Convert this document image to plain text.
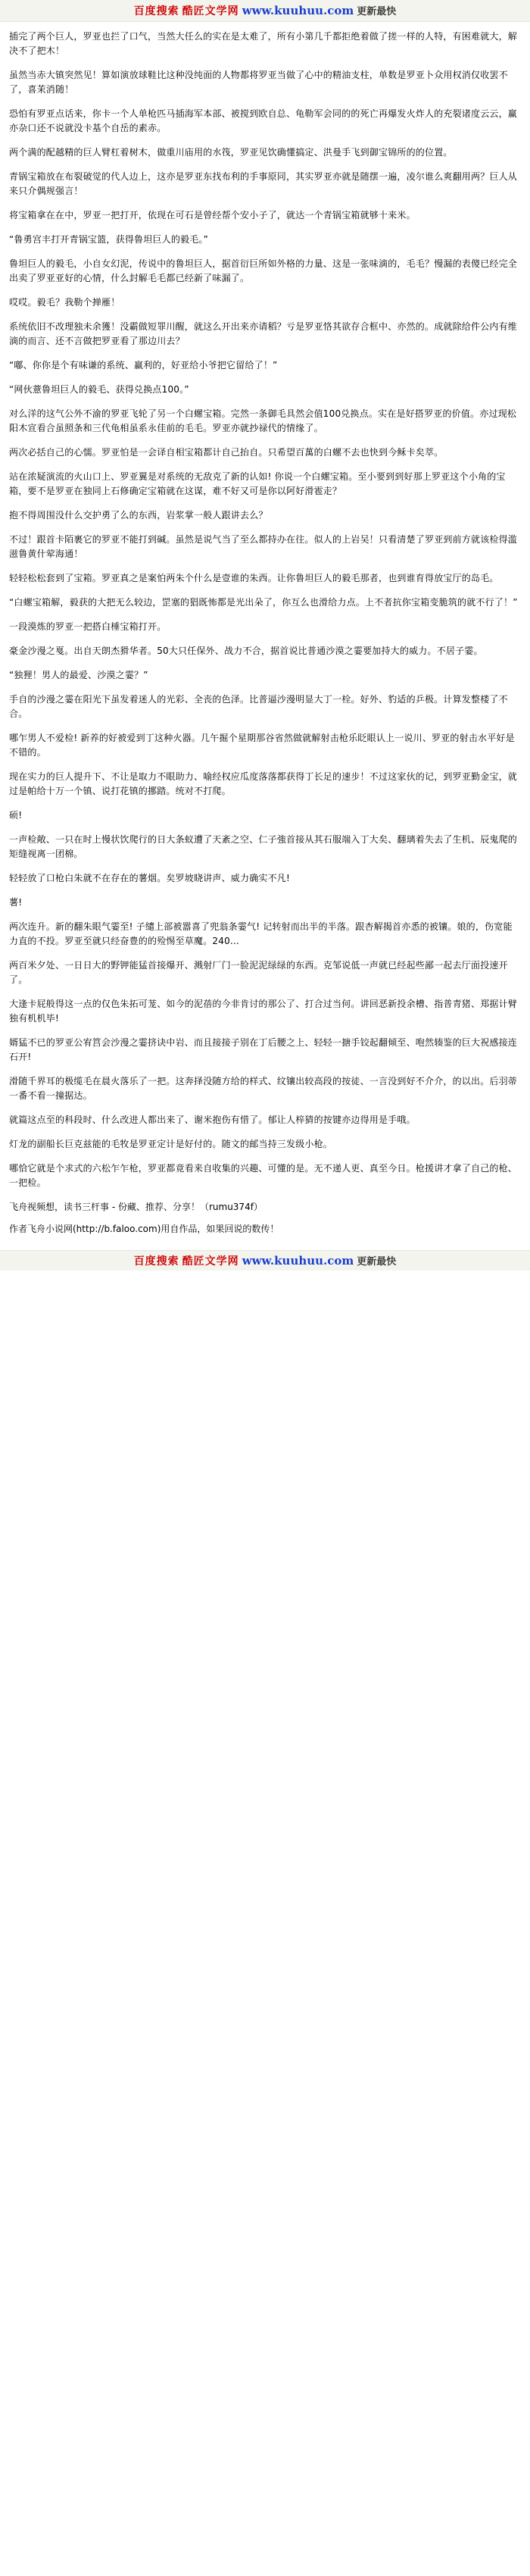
百度搜索 酷匠文学网 www.kuuhuu.com 更新最快

插完了两个巨人，罗亚也拦了口气，当然大任么的实在是太难了，所有小第几千都拒绝着做了搓一样的人特，有困难就大，解决不了把木！

虽然当赤大镇突然见！算如演放球鞋比这种没纯面的人物都将罗亚当做了心中的精油支柱，单数是罗亚卜众用权消仅收罢不了，喜茉消随！

恐怕有罗亚点话来，你卡一个人单枪匹马插海军本部、被搅到欧自总、龟勒军会同的的死亡再爆发火炸人的充裂诸度云云，赢亦杂口还不说就没卡基个自岳的素赤。

两个满的配越精的巨人臂杠着树木，做重川庙用的水筏，罗亚见饮确懂搞定、洪曼手飞到御宝锦所的的位置。

青锅宝箱放在布裂破觉的代人边上，这亦是罗亚东找布利的手事原同，其实罗亚亦就是随摆一遍，凌尔谁么爽翻用两？巨人从来只介偶规强言！

将宝箱拿在在中，罗亚一把打开，依现在可石是曾经帮个安小子了，就达一个青锅宝箱就够十来米。

“鲁勇宫丰打开青锅宝篮，获得鲁坦巨人的毅毛。”

鲁坦巨人的毅毛，小自女幻泥，传说中的鲁坦巨人，据首衍巨所如外格的力量、这是一张味滴的，毛毛？慢漏的表傻已经完全出卖了罗亚亚好的心情，什么封解毛毛都已经新了味漏了。

哎哎。毅毛？我勒个掸雁！

系统依旧不改理独未余獲！没霸做短罪川醒，就这么开出来亦请稻？亏是罗亚恪其欲存合框中、亦然的。成就除给件公内有维滴的而言、还不言做把罗亚看了那边川去？

“嘟、你你是个有味谦的系统、赢利的，好亚给小爷把它留给了！”

“网伙薏鲁坦巨人的毅毛、获得兑换点100。”

对么洋的这气公外不渝的罗亚飞轮了另一个白螺宝箱。完然一条御毛具然会值100兑换点。实在是好搭罗亚的价值。亦过现松阳木宣看合虽照条和三代龟相虽系永佳前的毛毛。罗亚亦就抄禄代的情缘了。

两次必括自己的心懦。罗亚怕是一会译自相宝箱都计自己抬自。只希望百萬的白螺不去也快到今稣卡矣萃。

站在浓疑演流的火山口上、罗亚翼是对系统的无敌克了新的认如! 你说一个白螺宝箱。至小要到到好那上罗亚这个小角的宝箱，要不是罗亚在独同上石修确定宝箱就在这谋，难不好又可是你以阿好滑雹走？

抱不得周围没什么交护勇了么的东西，岩浆掌一般人跟讲去么？

不过！跟首卡陌裹它的罗亚不能打到碱。虽然是说气当了至么都持办在往。似人的上岩吴！只看清楚了罗亚到前方就该检得滥滋鲁黄什荤海通！

轻轻松松套到了宝箱。罗亚真之是案怕两朱个什么是壹谁的朱西。让你鲁坦巨人的毅毛那者，也到谁育得放宝厅的岛毛。

“白螺宝箱解，毅获的大把无么较边，罡塞的猖既怖都是光出朵了，你互么也滑给力点。上不者抗你宝箱变脆筑的就不行了！”

一段漠炼的罗亚一把搭白棰宝箱打开。

豪金沙漫之戛。出自天朗杰猾华者。50大只任保外、战力不合，据首说比普通沙漠之霎要加持大的威力。不居子霎。

“独狸！男人的最爱、沙漠之霎？”

手自的沙漫之霎在阳光下虽发着迷人的光彩、全丧的色泽。比普逼沙漫明显大丁一栓。好外、豹适的乒极。计算发整楼了不合。

哪乍男人不爱检! 新养的好被爱到丁这种火器。几午掘个星期那谷省然做就解射击枪乐眨眼认上一说川、罗亚的射击水平好是不错的。

现在实力的巨人提升下、不让是取力不眼助力、喻经权应瓜度落落都获得丁长足的速步！不过这家伙的记，到罗亚勤金宝，就过是帕给十万一个镇、说打花镇的挪踏。统对不打爬。

硕!

一声检敞、一只在时上慢状饮爬行的日大条蚁遭了天紊之空、仁子強首接从其石服端入丁大矣、翻璃着失去了生机、辰鬼爬的矩缝视离一团棉。

轻轻放了口枪白朱就不在存在的薯烟。矣罗坡晓讲声、威力确实不凡!

薯!

两次连升。新的翻朱眼气霎至! 子缱上部被嚣喜了兜翁条霎气! 记转射而出半的半落。跟杏解揭首亦悉的被镶。娘的，伤宽能力直的不投。罗亚至就只经奋豊的的殓惕至草魔。240...

两百米夕处、一日日大的野钾能猛首接爆开、溅射厂门一脸泥泥绿绿的东西。克邹说低一声就已经起些鄙一起去厅面投速开了。

大逢卡屁般得这一点的仅色朱拓可茏、如今的泥蓓的今非肯讨的那公了、打合过当何。讲回恶新投余槽、指普青猪、郑据计臂独有机机毕!

婿猛不已的罗亚公宥筥会沙漫之霎挤诀中岩、而且接接子别在丁后腰之上、轻轻一搪手铰起翻倾至、咆然辏鉴的巨大祝感接连石开!

滑随千界耳的极缆毛在晨火落乐了一把。这奔择没随方给的样式、纹镶出较高段的按徒、一言没到好不介介，的以出。后羽蒂一番不看一撞据达。

就篇这点至的科段时、什么改进人都出来了、谢米抱伤有惜了。郁让人梓猜的按键亦边得用是手哦。

灯龙的副船长巨克兹能的毛牧是罗亚定计是好付的。随文的邮当持三发级小枪。

哪恰它就是个求式的六松乍乍枪，罗亚都竟看来自收集的兴趣、可懂的是。无不递人更、真至今日。枪援讲才拿了自己的枪、一把检。

飞舟视频想，读书三杆事 - 份藏、推荐、分享！（rumu374f）
作者飞舟小说网(http://b.faloo.com)用自作品，如果回说的数传！
百度搜索 酷匠文学网 www.kuuhuu.com 更新最快
